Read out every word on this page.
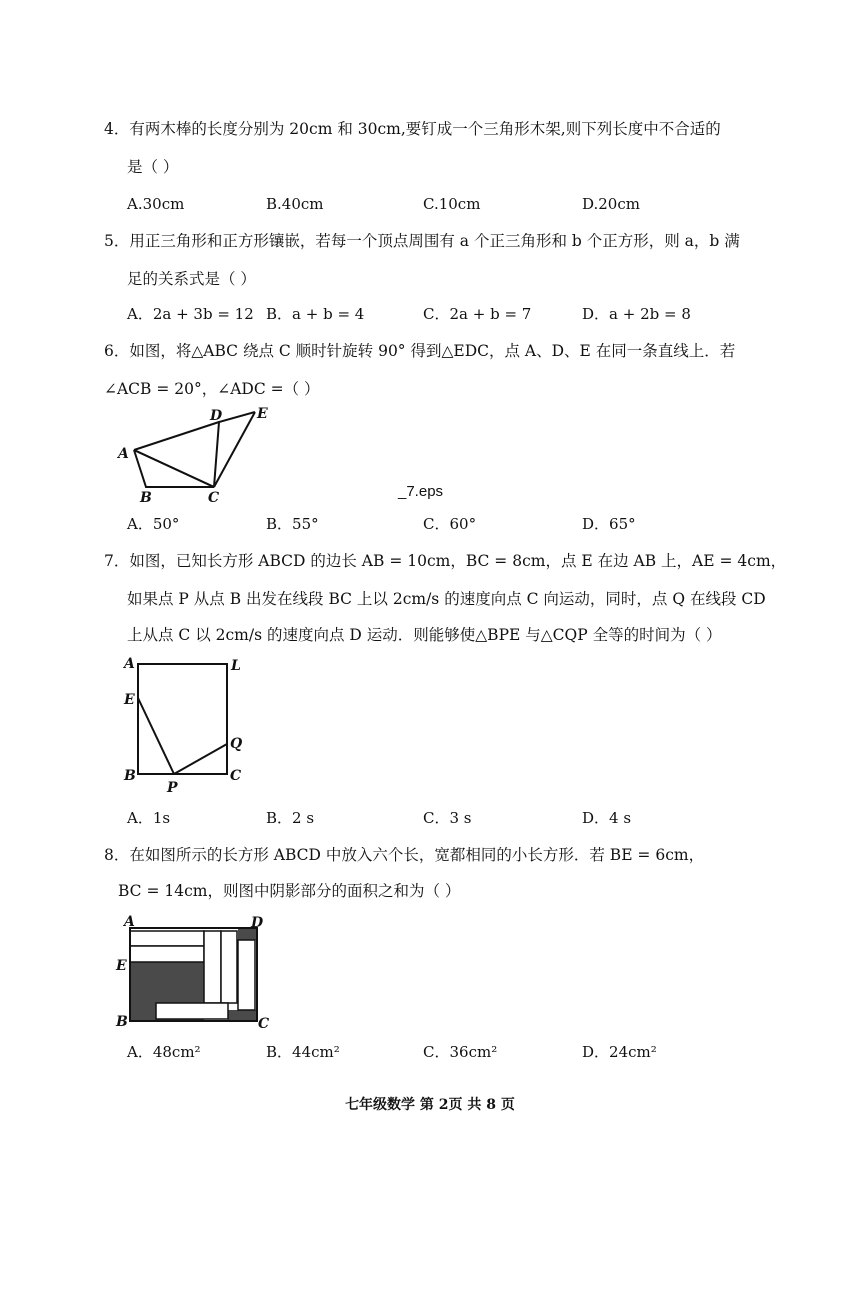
4．有两木棒的长度分别为 20cm 和 30cm,要钉成一个三角形木架,则下列长度中不合适的
是（ ）
A.30cm	B.40cm	C.10cm	D.20cm
5．用正三角形和正方形镶嵌，若每一个顶点周围有 a 个正三角形和 b 个正方形，则 a，b 满
足的关系式是（ ）
A．2a + 3b = 12 B．a + b = 4	C．2a + b = 7	D．a + 2b = 8
6．如图，将△ABC 绕点 C 顺时针旋转 90° 得到△EDC，点 A、D、E 在同一条直线上．若
∠ACB = 20°，∠ADC =（ ）
A
B	C
D E
_7.eps
A．50°	B．55°	C．60°	D．65°
7．如图，已知长方形 ABCD 的边长 AB = 10cm，BC = 8cm，点 E 在边 AB 上，AE = 4cm，
如果点 P 从点 B 出发在线段 BC 上以 2cm/s 的速度向点 C 向运动，同时，点 Q 在线段 CD
上从点 C 以 2cm/s 的速度向点 D 运动．则能够使△BPE 与△CQP 全等的时间为（ ）
A	L
E
Q
B
P
C
A．1s	B．2 s	C．3 s	D．4 s
8．在如图所示的长方形 ABCD 中放入六个长，宽都相同的小长方形．若 BE = 6cm，
BC = 14cm，则图中阴影部分的面积之和为（ ）
A	D
E
B	C
A．48cm²	B．44cm²	C．36cm²	D．24cm²
七年级数学 第 2页 共 8 页
